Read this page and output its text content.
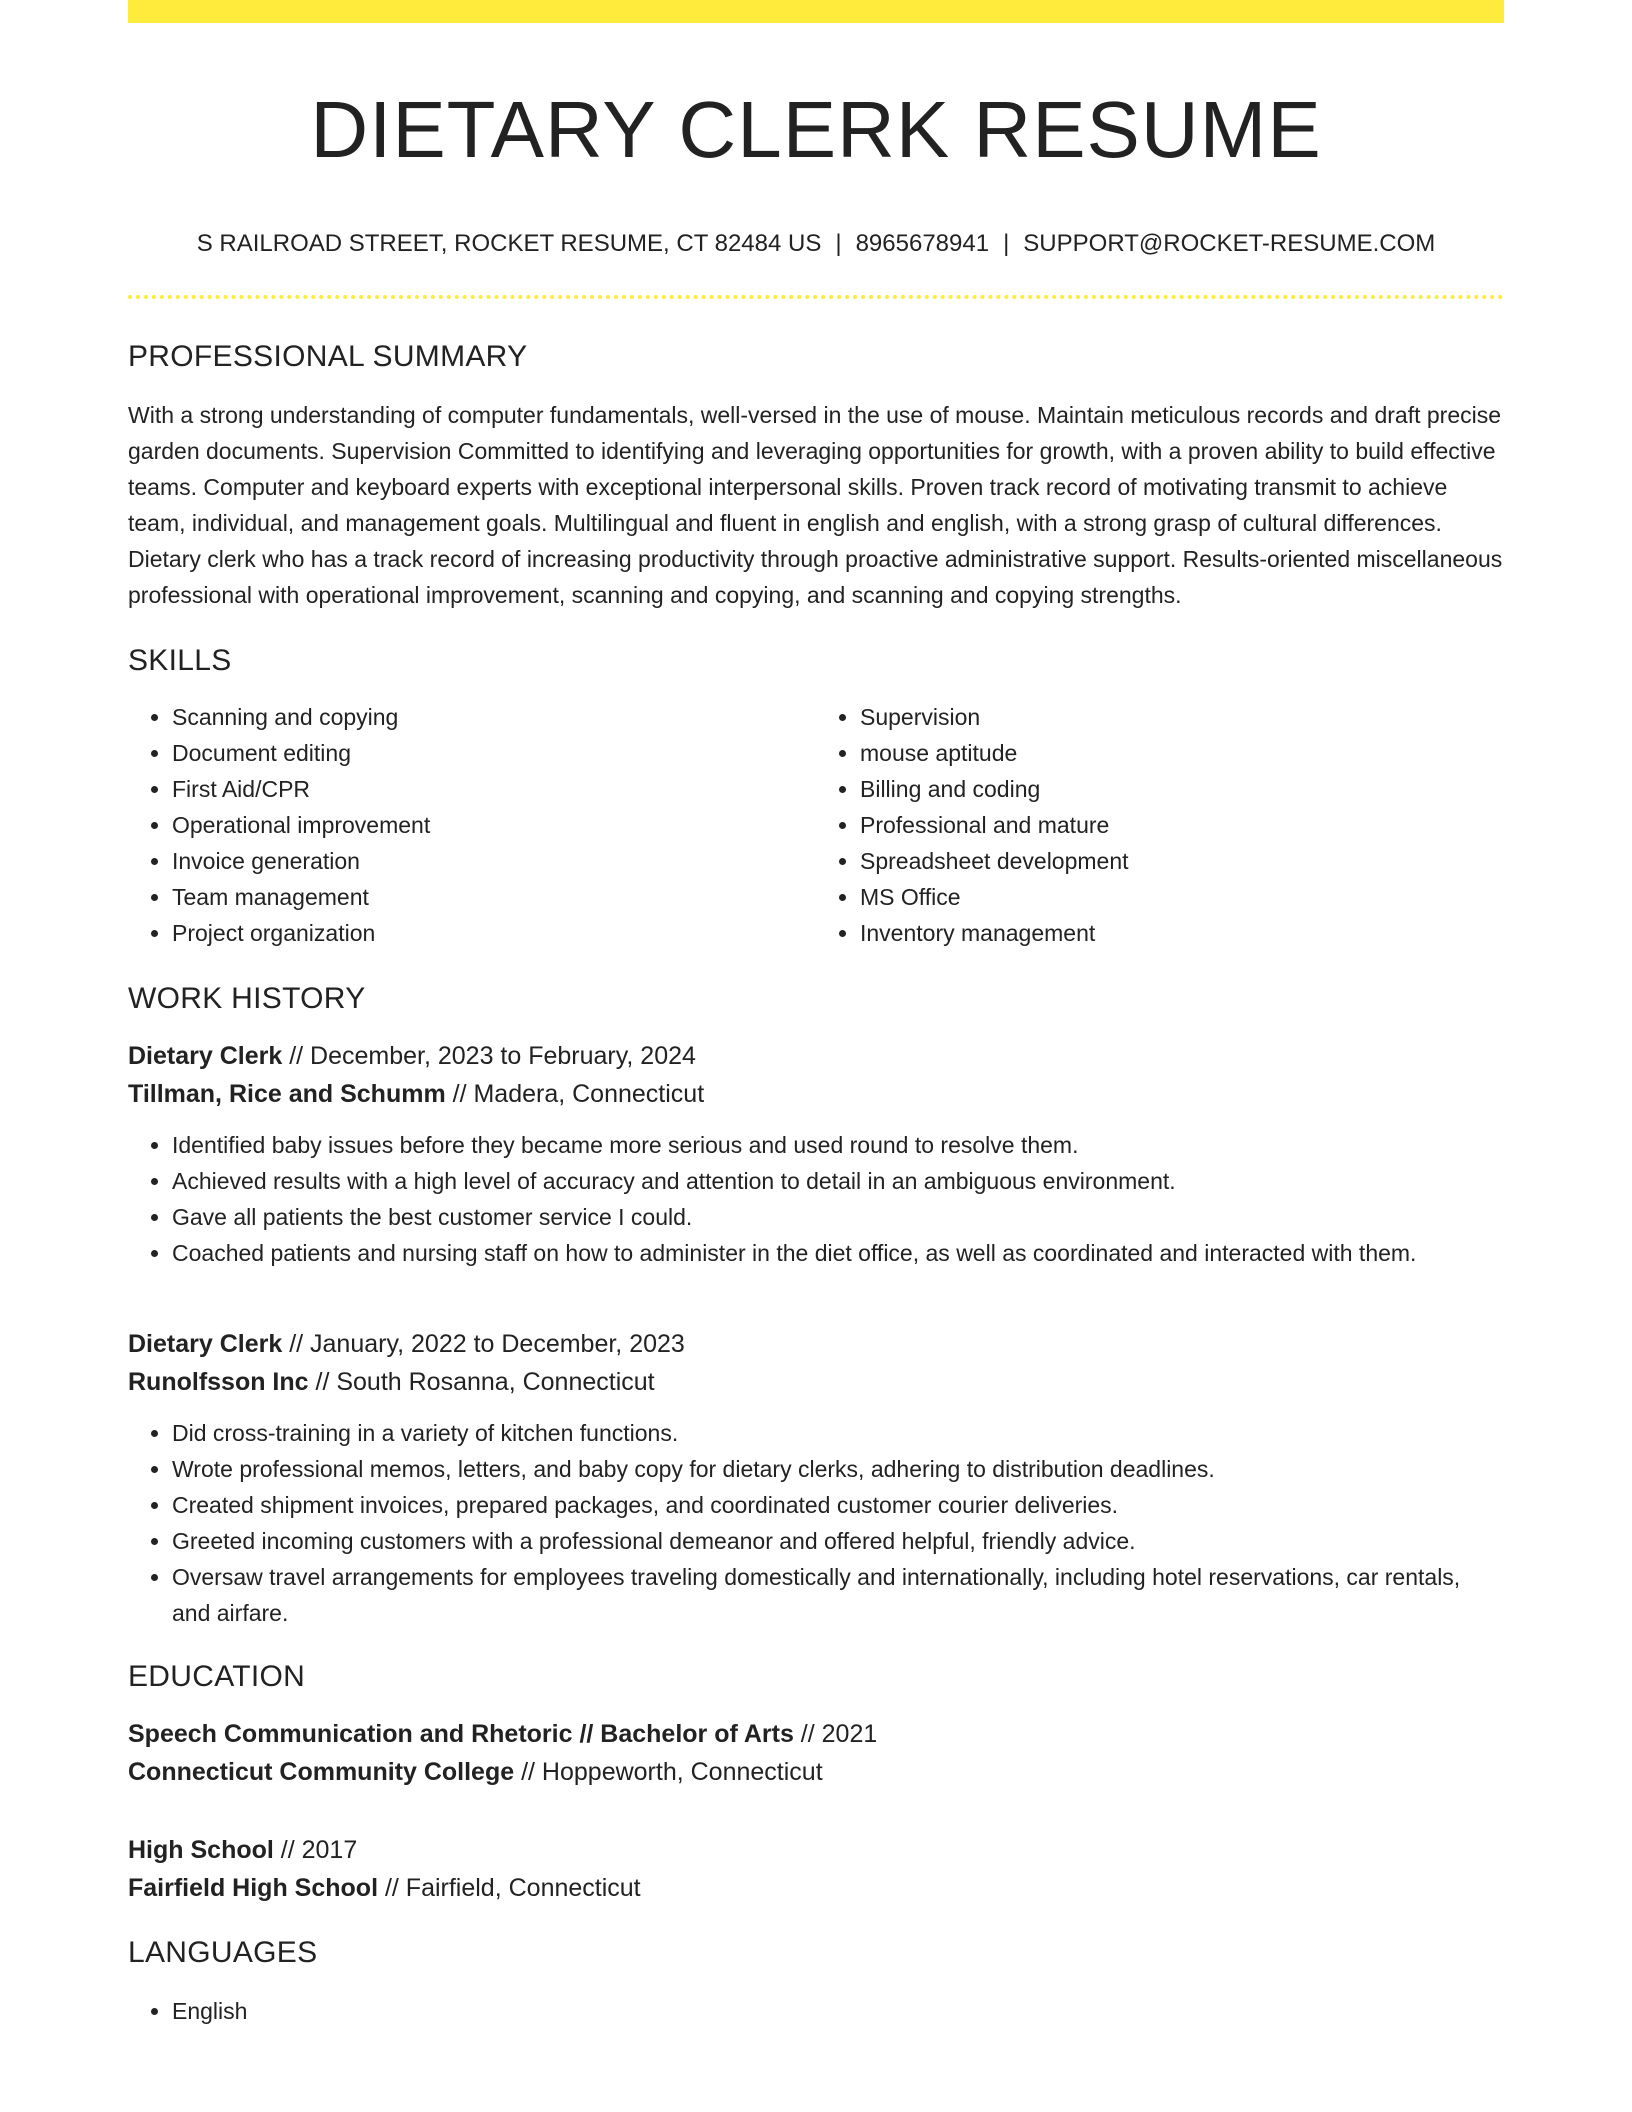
DIETARY CLERK RESUME
S RAILROAD STREET, ROCKET RESUME, CT 82484 US | 8965678941 | SUPPORT@ROCKET-RESUME.COM
PROFESSIONAL SUMMARY
With a strong understanding of computer fundamentals, well-versed in the use of mouse. Maintain meticulous records and draft precise garden documents. Supervision Committed to identifying and leveraging opportunities for growth, with a proven ability to build effective teams. Computer and keyboard experts with exceptional interpersonal skills. Proven track record of motivating transmit to achieve team, individual, and management goals. Multilingual and fluent in english and english, with a strong grasp of cultural differences. Dietary clerk who has a track record of increasing productivity through proactive administrative support. Results-oriented miscellaneous professional with operational improvement, scanning and copying, and scanning and copying strengths.
SKILLS
• Scanning and copying
• Document editing
• First Aid/CPR
• Operational improvement
• Invoice generation
• Team management
• Project organization
• Supervision
• mouse aptitude
• Billing and coding
• Professional and mature
• Spreadsheet development
• MS Office
• Inventory management
WORK HISTORY
Dietary Clerk // December, 2023 to February, 2024
Tillman, Rice and Schumm // Madera, Connecticut
• Identified baby issues before they became more serious and used round to resolve them.
• Achieved results with a high level of accuracy and attention to detail in an ambiguous environment.
• Gave all patients the best customer service I could.
• Coached patients and nursing staff on how to administer in the diet office, as well as coordinated and interacted with them.
Dietary Clerk // January, 2022 to December, 2023
Runolfsson Inc // South Rosanna, Connecticut
• Did cross-training in a variety of kitchen functions.
• Wrote professional memos, letters, and baby copy for dietary clerks, adhering to distribution deadlines.
• Created shipment invoices, prepared packages, and coordinated customer courier deliveries.
• Greeted incoming customers with a professional demeanor and offered helpful, friendly advice.
• Oversaw travel arrangements for employees traveling domestically and internationally, including hotel reservations, car rentals, and airfare.
EDUCATION
Speech Communication and Rhetoric // Bachelor of Arts // 2021
Connecticut Community College // Hoppeworth, Connecticut
High School // 2017
Fairfield High School // Fairfield, Connecticut
LANGUAGES
• English
